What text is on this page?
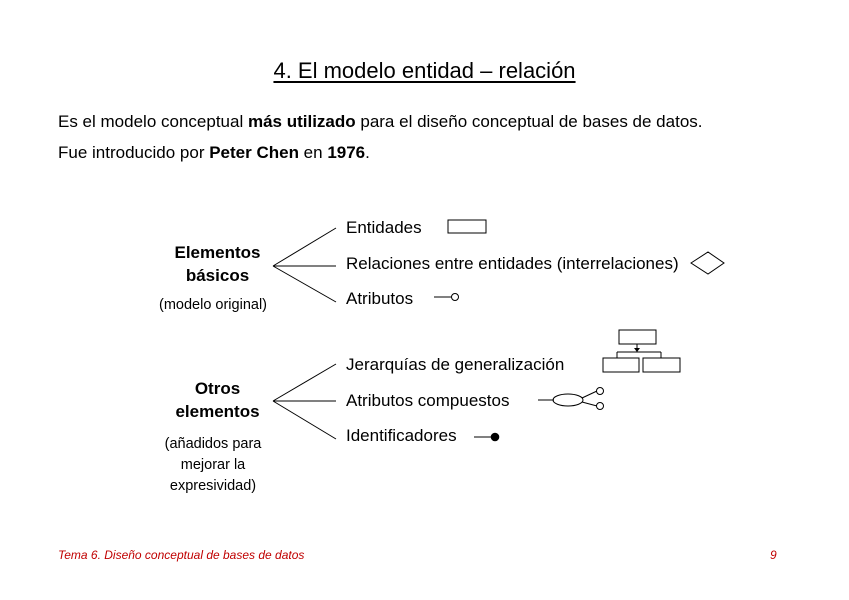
4. El modelo entidad – relación
Es el modelo conceptual más utilizado para el diseño conceptual de bases de datos.
Fue introducido por Peter Chen en 1976.
Elementos
básicos
(modelo original)
Entidades
Relaciones entre entidades (interrelaciones)
Atributos
Otros
elementos
(añadidos para
mejorar la
expresividad)
Jerarquías de generalización
Atributos compuestos
Identificadores
Tema 6. Diseño conceptual de bases de datos	9
